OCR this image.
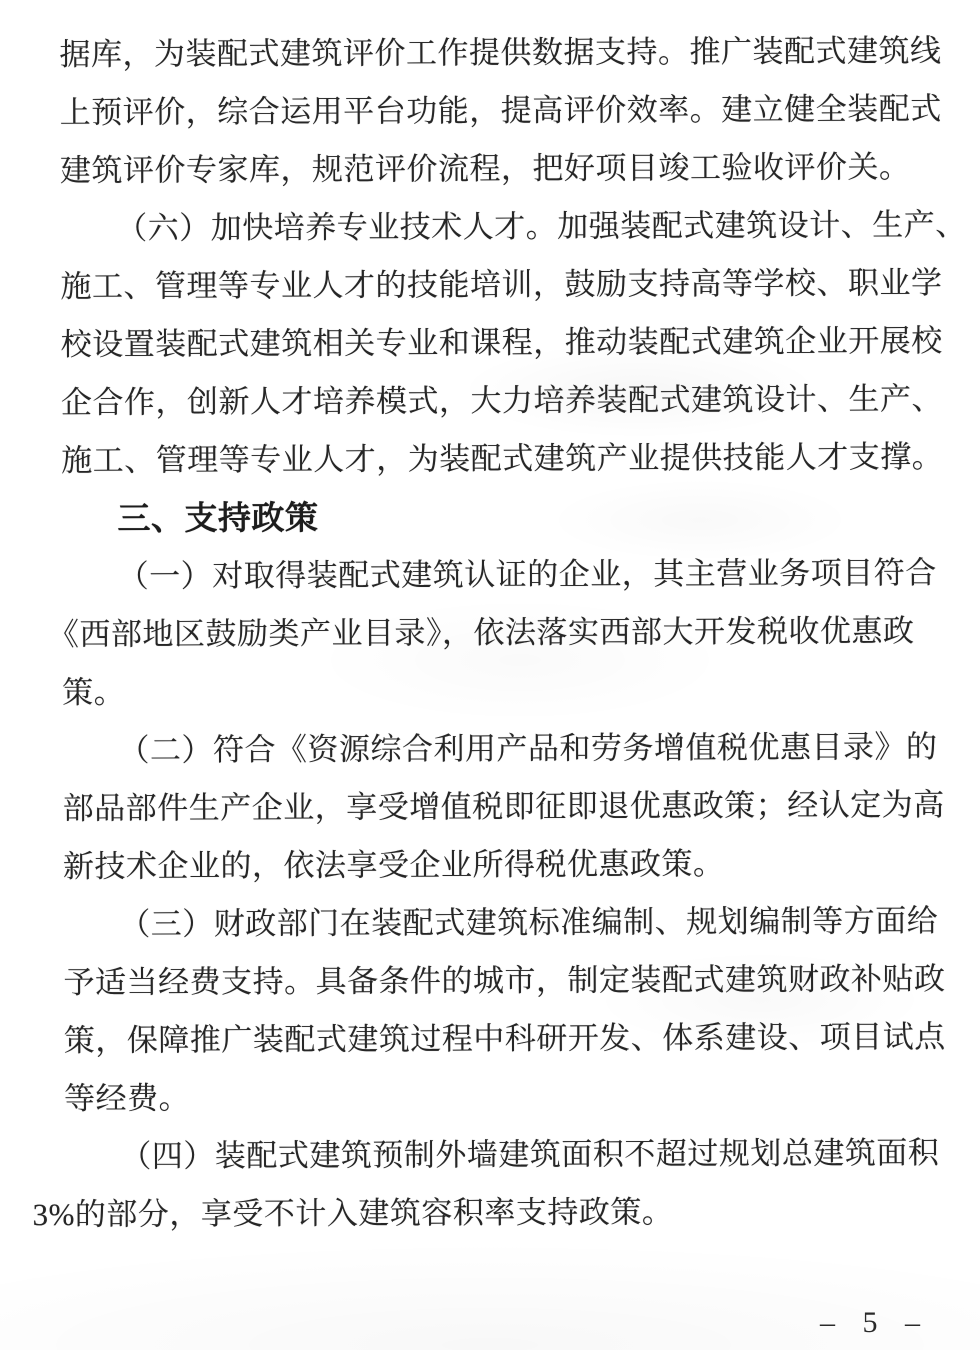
据库，为装配式建筑评价工作提供数据支持。推广装配式建筑线

上预评价，综合运用平台功能，提高评价效率。建立健全装配式

建筑评价专家库，规范评价流程，把好项目竣工验收评价关。

（六）加快培养专业技术人才。加强装配式建筑设计、生产、

施工、管理等专业人才的技能培训，鼓励支持高等学校、职业学

校设置装配式建筑相关专业和课程，推动装配式建筑企业开展校

企合作，创新人才培养模式，大力培养装配式建筑设计、生产、

施工、管理等专业人才，为装配式建筑产业提供技能人才支撑。

三、支持政策

（一）对取得装配式建筑认证的企业，其主营业务项目符合

《西部地区鼓励类产业目录》，依法落实西部大开发税收优惠政

策。

（二）符合《资源综合利用产品和劳务增值税优惠目录》的

部品部件生产企业，享受增值税即征即退优惠政策；经认定为高

新技术企业的，依法享受企业所得税优惠政策。

（三）财政部门在装配式建筑标准编制、规划编制等方面给

予适当经费支持。具备条件的城市，制定装配式建筑财政补贴政

策，保障推广装配式建筑过程中科研开发、体系建设、项目试点

等经费。

（四）装配式建筑预制外墙建筑面积不超过规划总建筑面积

3%的部分，享受不计入建筑容积率支持政策。

– 5 –
